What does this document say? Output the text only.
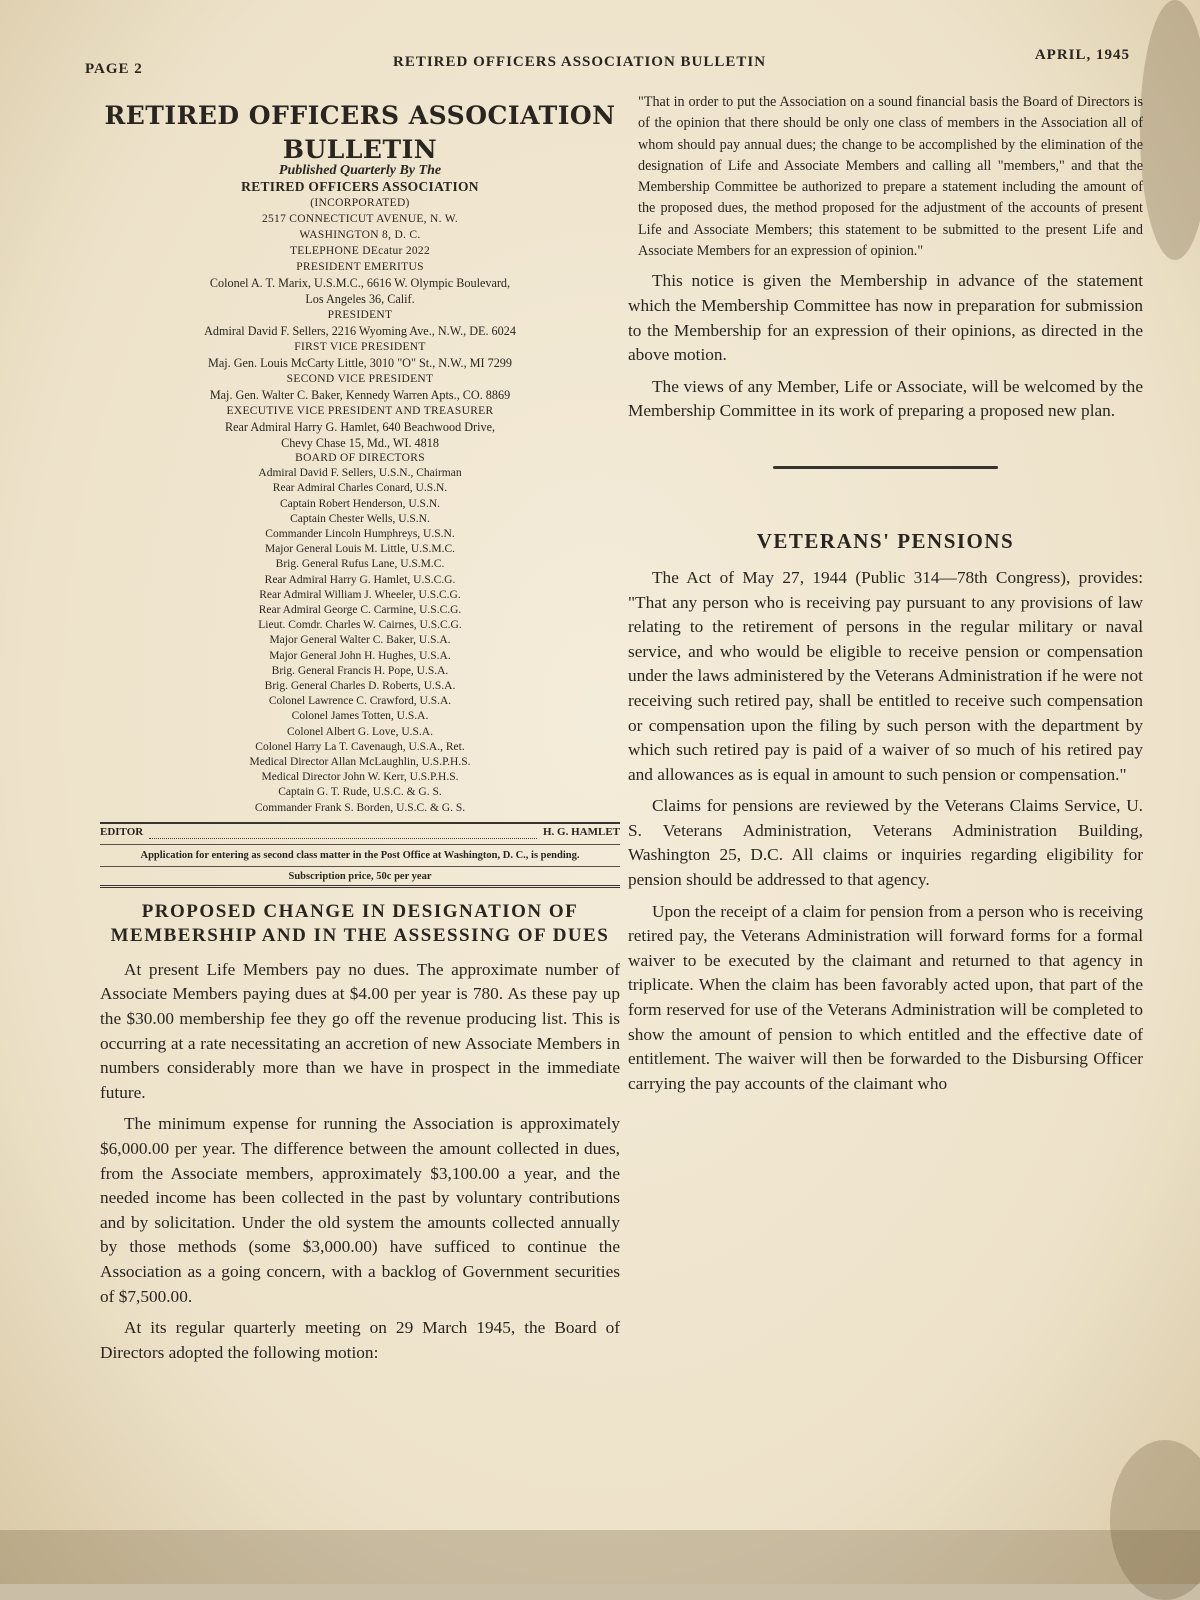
PAGE 2	RETIRED OFFICERS ASSOCIATION BULLETIN	APRIL, 1945
RETIRED OFFICERS ASSOCIATION
BULLETIN
Published Quarterly By The
RETIRED OFFICERS ASSOCIATION
(INCORPORATED)
2517 CONNECTICUT AVENUE, N. W.
WASHINGTON 8, D. C.
TELEPHONE DEcatur 2022
PRESIDENT EMERITUS
Colonel A. T. Marix, U.S.M.C., 6616 W. Olympic Boulevard,
Los Angeles 36, Calif.
PRESIDENT
Admiral David F. Sellers, 2216 Wyoming Ave., N.W., DE. 6024
FIRST VICE PRESIDENT
Maj. Gen. Louis McCarty Little, 3010 "O" St., N.W., MI 7299
SECOND VICE PRESIDENT
Maj. Gen. Walter C. Baker, Kennedy Warren Apts., CO. 8869
EXECUTIVE VICE PRESIDENT AND TREASURER
Rear Admiral Harry G. Hamlet, 640 Beachwood Drive,
Chevy Chase 15, Md., WI. 4818
BOARD OF DIRECTORS
Admiral David F. Sellers, U.S.N., Chairman
Rear Admiral Charles Conard, U.S.N.
Captain Robert Henderson, U.S.N.
Captain Chester Wells, U.S.N.
Commander Lincoln Humphreys, U.S.N.
Major General Louis M. Little, U.S.M.C.
Brig. General Rufus Lane, U.S.M.C.
Rear Admiral Harry G. Hamlet, U.S.C.G.
Rear Admiral William J. Wheeler, U.S.C.G.
Rear Admiral George C. Carmine, U.S.C.G.
Lieut. Comdr. Charles W. Cairnes, U.S.C.G.
Major General Walter C. Baker, U.S.A.
Major General John H. Hughes, U.S.A.
Brig. General Francis H. Pope, U.S.A.
Brig. General Charles D. Roberts, U.S.A.
Colonel Lawrence C. Crawford, U.S.A.
Colonel James Totten, U.S.A.
Colonel Albert G. Love, U.S.A.
Colonel Harry La T. Cavenaugh, U.S.A., Ret.
Medical Director Allan McLaughlin, U.S.P.H.S.
Medical Director John W. Kerr, U.S.P.H.S.
Captain G. T. Rude, U.S.C. & G. S.
Commander Frank S. Borden, U.S.C. & G. S.
EDITOR	H. G. HAMLET
Application for entering as second class matter in the Post Office at Washington, D. C., is pending.
Subscription price, 50c per year
PROPOSED CHANGE IN DESIGNATION OF MEMBERSHIP AND IN THE ASSESSING OF DUES

At present Life Members pay no dues. The approximate number of Associate Members paying dues at $4.00 per year is 780. As these pay up the $30.00 membership fee they go off the revenue producing list. This is occurring at a rate necessitating an accretion of new Associate Members in numbers considerably more than we have in prospect in the immediate future.

The minimum expense for running the Association is approximately $6,000.00 per year. The difference between the amount collected in dues, from the Associate members, approximately $3,100.00 a year, and the needed income has been collected in the past by voluntary contributions and by solicitation. Under the old system the amounts collected annually by those methods (some $3,000.00) have sufficed to continue the Association as a going concern, with a backlog of Government securities of $7,500.00.

At its regular quarterly meeting on 29 March 1945, the Board of Directors adopted the following motion:

"That in order to put the Association on a sound financial basis the Board of Directors is of the opinion that there should be only one class of members in the Association all of whom should pay annual dues; the change to be accomplished by the elimination of the designation of Life and Associate Members and calling all "members," and that the Membership Committee be authorized to prepare a statement including the amount of the proposed dues, the method proposed for the adjustment of the accounts of present Life and Associate Members; this statement to be submitted to the present Life and Associate Members for an expression of opinion."

This notice is given the Membership in advance of the statement which the Membership Committee has now in preparation for submission to the Membership for an expression of their opinions, as directed in the above motion.

The views of any Member, Life or Associate, will be welcomed by the Membership Committee in its work of preparing a proposed new plan.

VETERANS' PENSIONS

The Act of May 27, 1944 (Public 314—78th Congress), provides: "That any person who is receiving pay pursuant to any provisions of law relating to the retirement of persons in the regular military or naval service, and who would be eligible to receive pension or compensation under the laws administered by the Veterans Administration if he were not receiving such retired pay, shall be entitled to receive such compensation or compensation upon the filing by such person with the department by which such retired pay is paid of a waiver of so much of his retired pay and allowances as is equal in amount to such pension or compensation."

Claims for pensions are reviewed by the Veterans Claims Service, U. S. Veterans Administration, Veterans Administration Building, Washington 25, D.C. All claims or inquiries regarding eligibility for pension should be addressed to that agency.

Upon the receipt of a claim for pension from a person who is receiving retired pay, the Veterans Administration will forward forms for a formal waiver to be executed by the claimant and returned to that agency in triplicate. When the claim has been favorably acted upon, that part of the form reserved for use of the Veterans Administration will be completed to show the amount of pension to which entitled and the effective date of entitlement. The waiver will then be forwarded to the Disbursing Officer carrying the pay accounts of the claimant who
